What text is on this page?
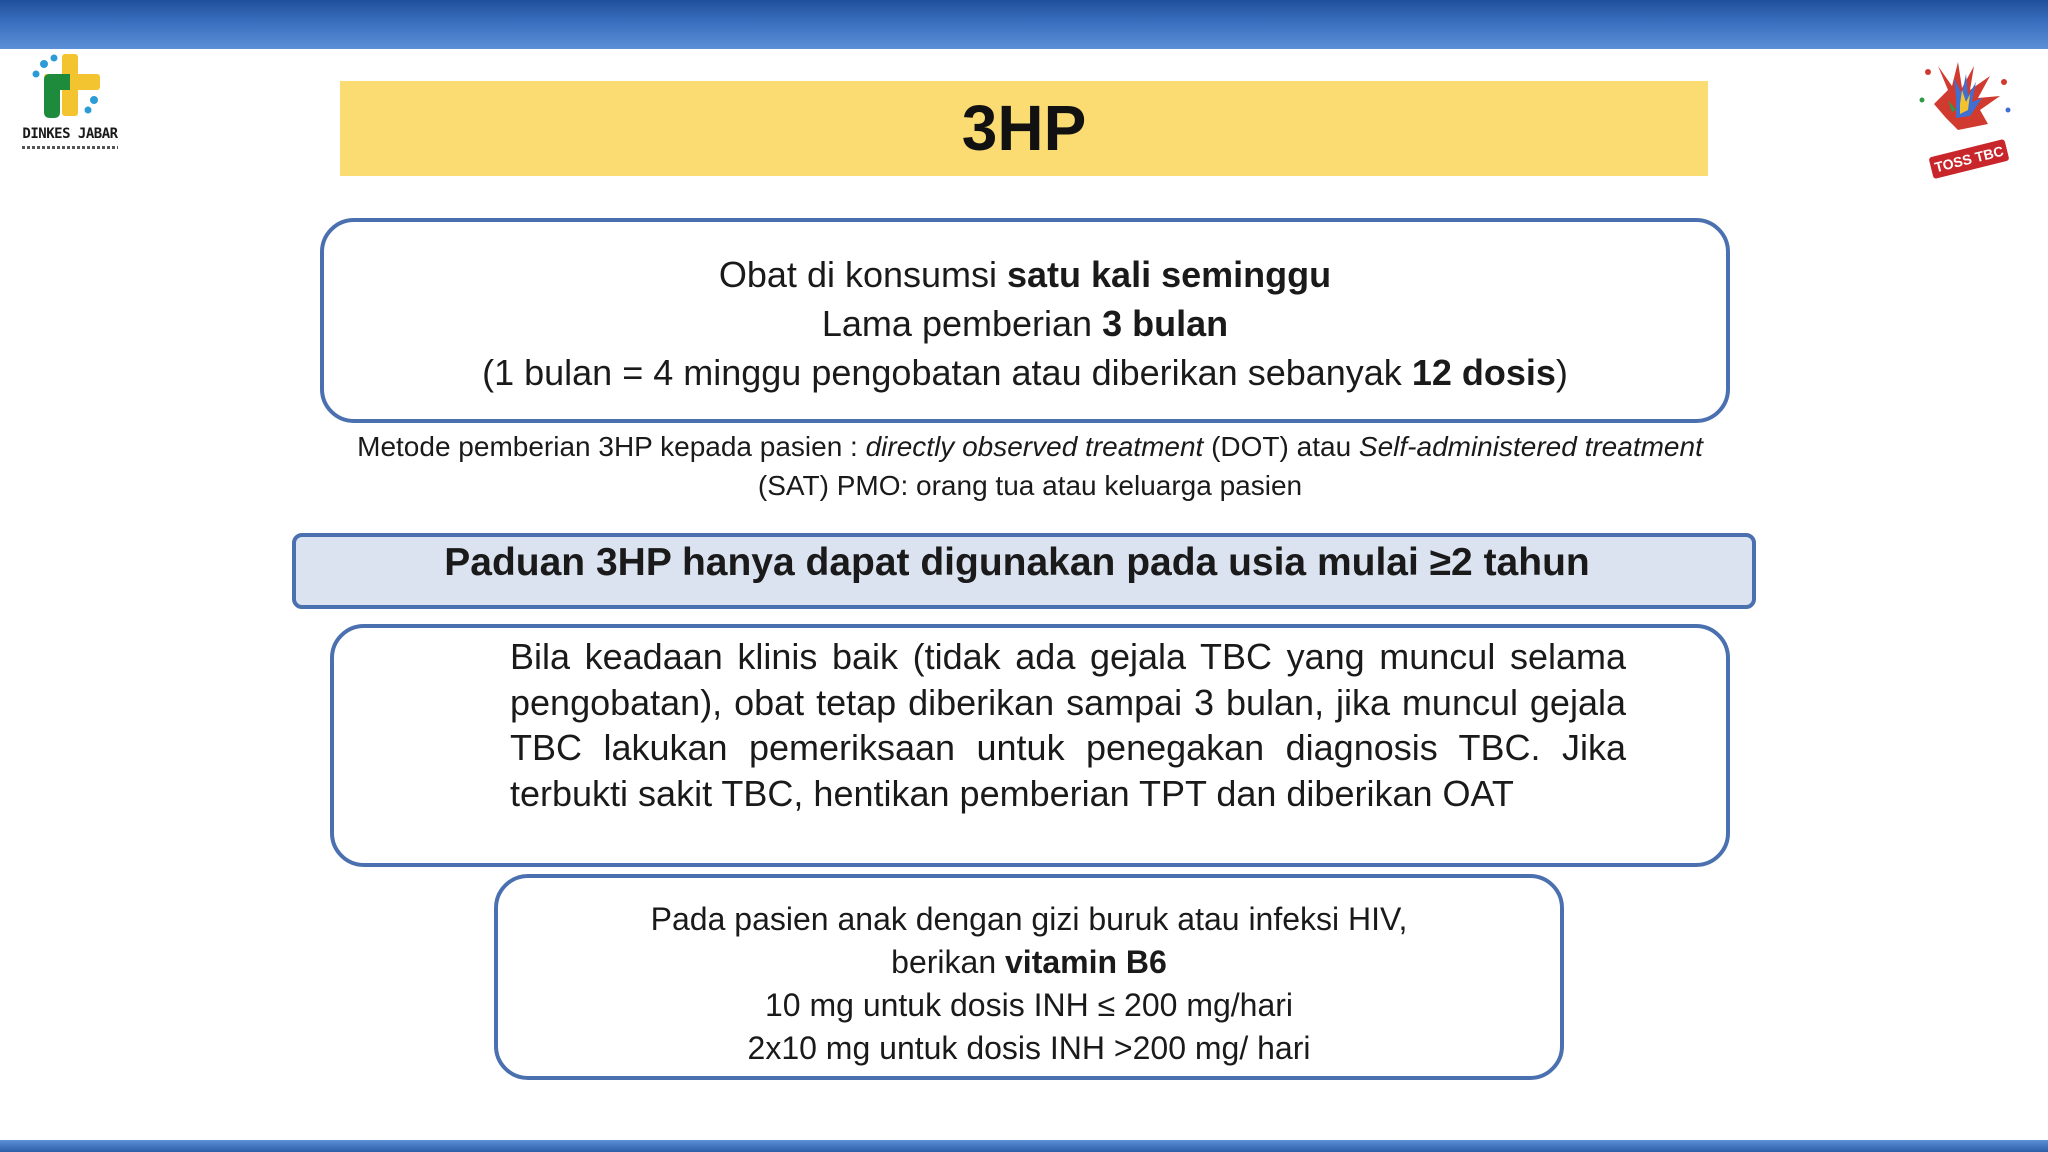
DINKES JABAR
TOSS TBC
3HP
Obat di konsumsi satu kali seminggu
Lama pemberian 3 bulan
(1 bulan = 4 minggu pengobatan atau diberikan sebanyak 12 dosis)
Metode pemberian 3HP kepada pasien : directly observed treatment (DOT) atau Self-administered treatment
(SAT) PMO: orang tua atau keluarga pasien
Paduan 3HP hanya dapat digunakan pada usia mulai ≥2 tahun
Bila keadaan klinis baik (tidak ada gejala TBC yang muncul selama pengobatan), obat tetap diberikan sampai 3 bulan, jika muncul gejala TBC lakukan pemeriksaan untuk penegakan diagnosis TBC. Jika terbukti sakit TBC, hentikan pemberian TPT dan diberikan OAT
Pada pasien anak dengan gizi buruk atau infeksi HIV,
berikan vitamin B6
10 mg untuk dosis INH ≤ 200 mg/hari
2x10 mg untuk dosis INH >200 mg/ hari
